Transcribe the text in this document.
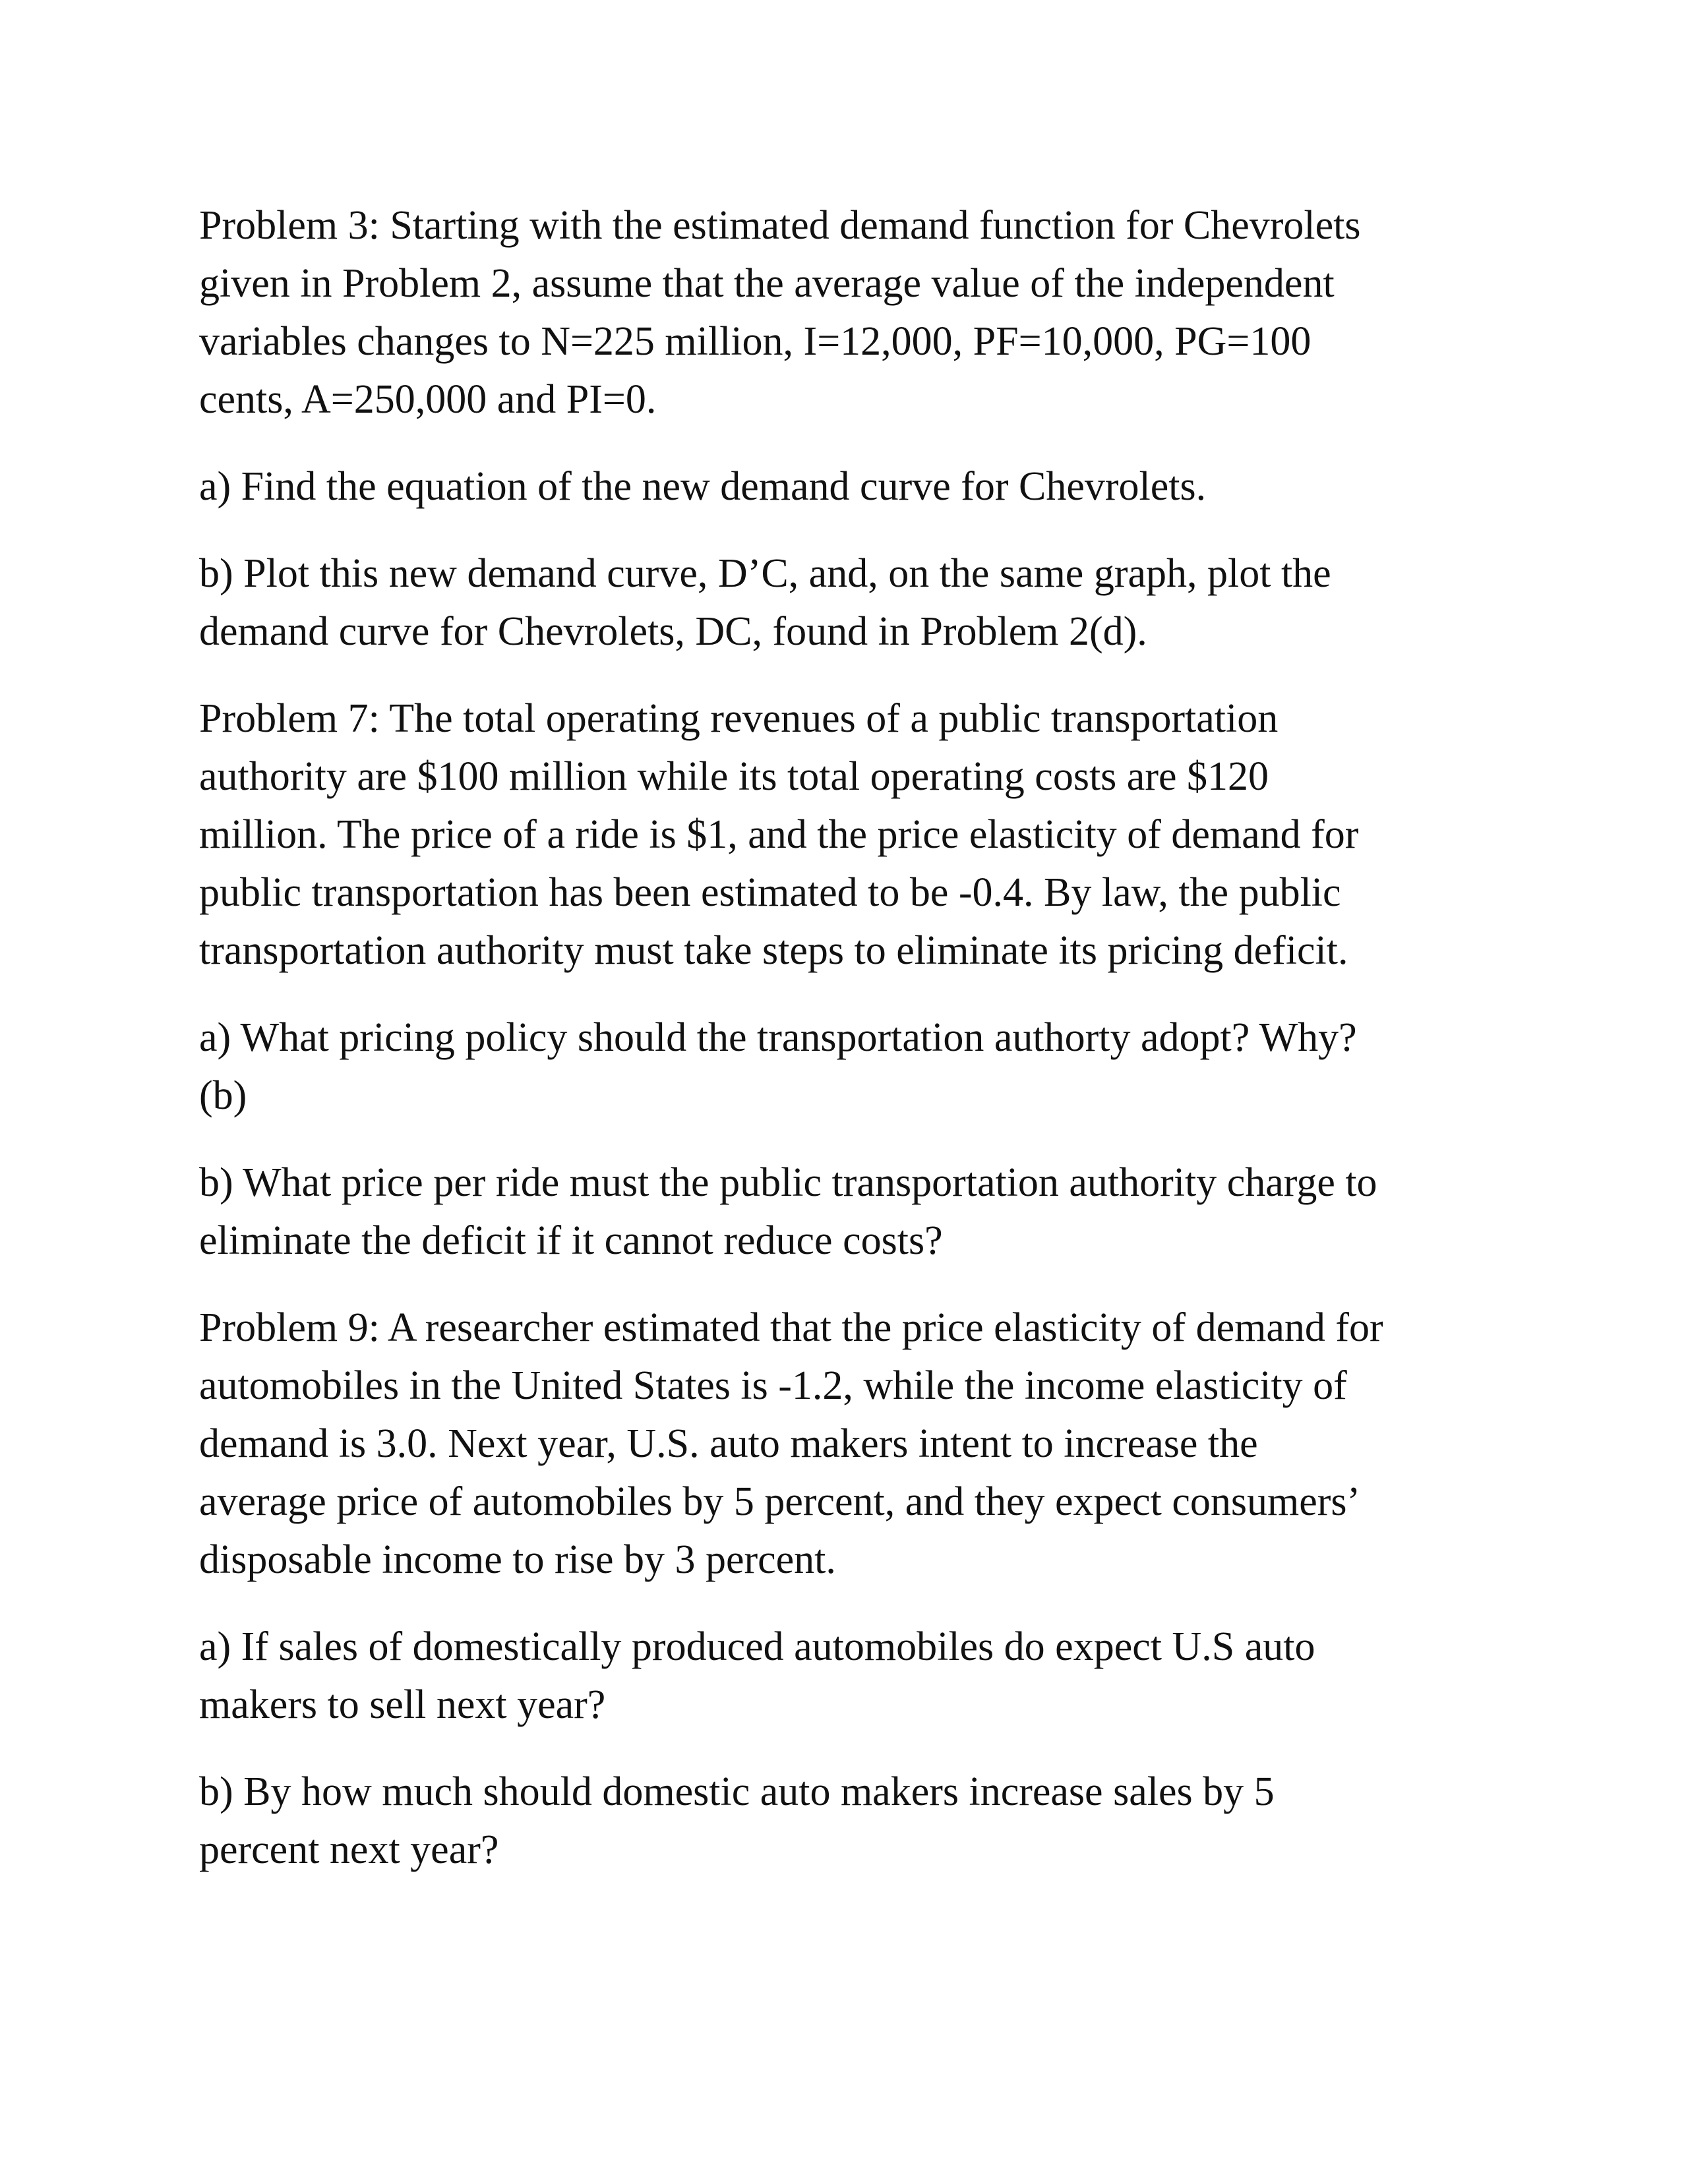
Problem 3: Starting with the estimated demand function for Chevrolets
given in Problem 2, assume that the average value of the independent
variables changes to N=225 million, I=12,000, PF=10,000, PG=100
cents, A=250,000 and PI=0.

a) Find the equation of the new demand curve for Chevrolets.

b) Plot this new demand curve, D’C, and, on the same graph, plot the
demand curve for Chevrolets, DC, found in Problem 2(d).

Problem 7: The total operating revenues of a public transportation
authority are $100 million while its total operating costs are $120
million. The price of a ride is $1, and the price elasticity of demand for
public transportation has been estimated to be -0.4. By law, the public
transportation authority must take steps to eliminate its pricing deficit.

a) What pricing policy should the transportation authorty adopt? Why?
(b)

b) What price per ride must the public transportation authority charge to
eliminate the deficit if it cannot reduce costs?

Problem 9: A researcher estimated that the price elasticity of demand for
automobiles in the United States is -1.2, while the income elasticity of
demand is 3.0. Next year, U.S. auto makers intent to increase the
average price of automobiles by 5 percent, and they expect consumers’
disposable income to rise by 3 percent.

a) If sales of domestically produced automobiles do expect U.S auto
makers to sell next year?

b) By how much should domestic auto makers increase sales by 5
percent next year?
